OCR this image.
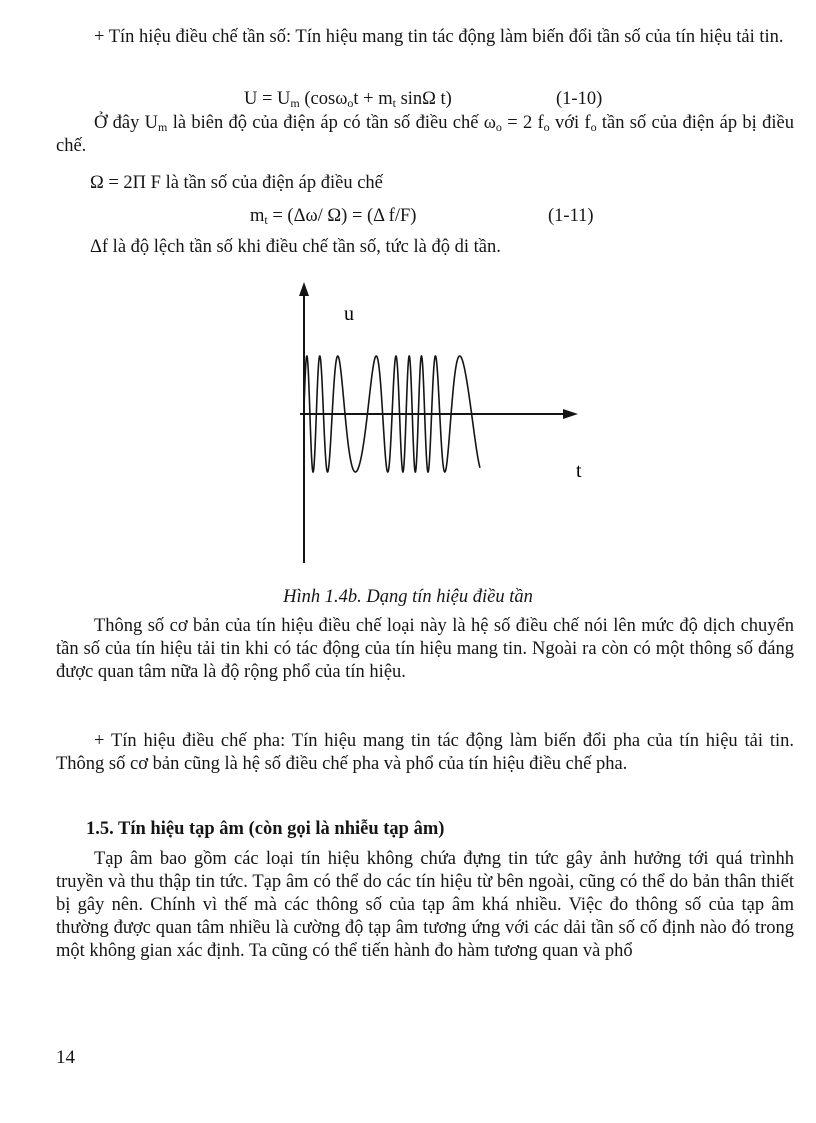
+ Tín hiệu điều chế tần số: Tín hiệu mang tin tác động làm biến đổi tần số của tín hiệu tải tin.

$U = U_m$ ($\cos\omega_ot + m_t$ sinΩ t)	(1-10)

Ở đây $U_m$ là biên độ của điện áp có tần số điều chế $\omega_o = 2$ $f_o$ với $f_o$ tần số của điện áp bị điều chế.

Ω = 2Π F là tần số của điện áp điều chế

$m_t = (\Delta\omega/$ Ω) = (Δ f/F)	(1-11)

Δf là độ lệch tần số khi điều chế tần số, tức là độ di tần.

u
t
Hình 1.4b. Dạng tín hiệu điều tần

Thông số cơ bản của tín hiệu điều chế loại này là hệ số điều chế nói lên mức độ dịch chuyển tần số của tín hiệu tải tin khi có tác động của tín hiệu mang tin. Ngoài ra còn có một thông số đáng được quan tâm nữa là độ rộng phổ của tín hiệu.

+ Tín hiệu điều chế pha: Tín hiệu mang tin tác động làm biến đổi pha của tín hiệu tải tin. Thông số cơ bản cũng là hệ số điều chế pha và phổ của tín hiệu điều chế pha.

1.5. Tín hiệu tạp âm (còn gọi là nhiễu tạp âm)

Tạp âm bao gồm các loại tín hiệu không chứa đựng tin tức gây ảnh hưởng tới quá trìnhh truyền và thu thập tin tức. Tạp âm có thể do các tín hiệu từ bên ngoài, cũng có thể do bản thân thiết bị gây nên. Chính vì thế mà các thông số của tạp âm khá nhiều. Việc đo thông số của tạp âm thường được quan tâm nhiều là cường độ tạp âm tương ứng với các dải tần số cố định nào đó trong một không gian xác định. Ta cũng có thể tiến hành đo hàm tương quan và phổ

14
